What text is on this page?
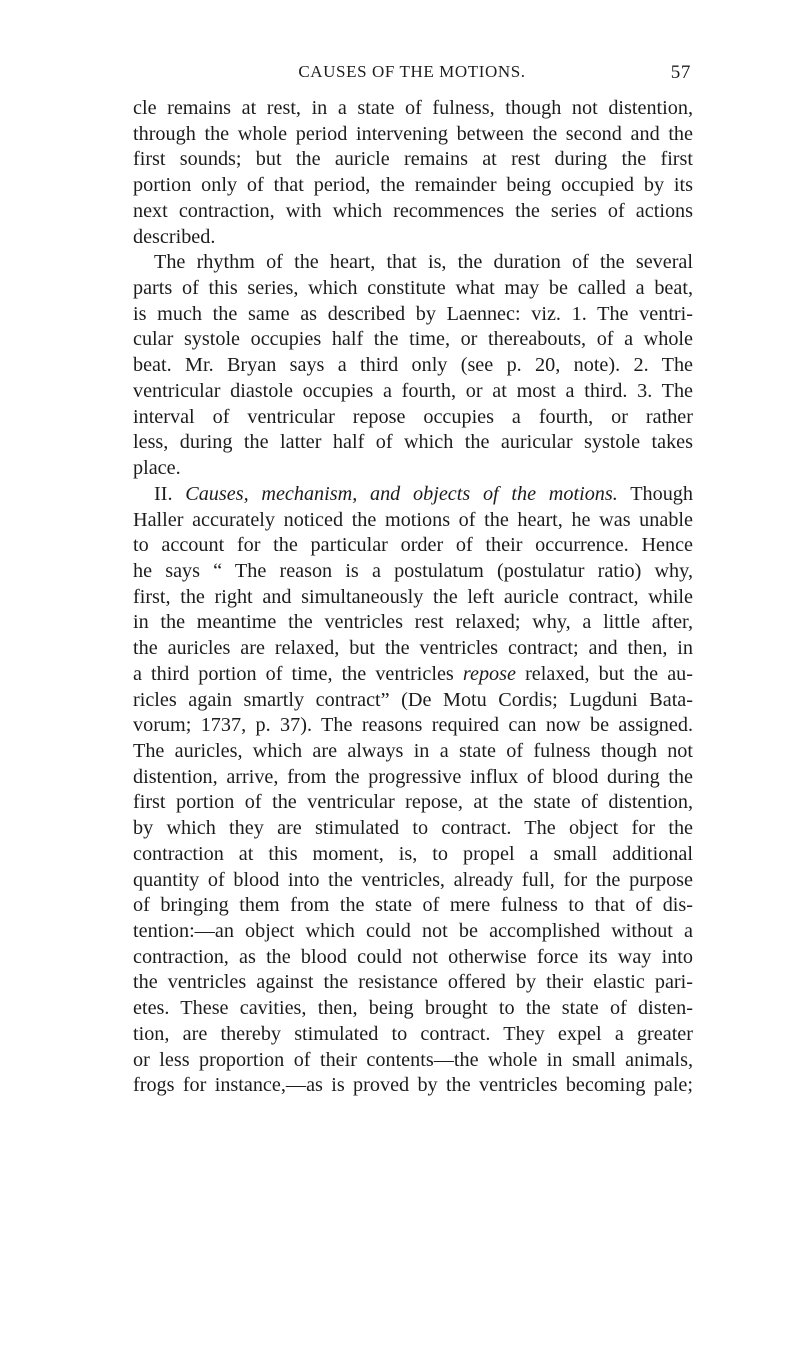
CAUSES OF THE MOTIONS.	57
cle remains at rest, in a state of fulness, though not distention,
through the whole period intervening between the second and the
first sounds; but the auricle remains at rest during the first
portion only of that period, the remainder being occupied by its
next contraction, with which recommences the series of actions
described.
The rhythm of the heart, that is, the duration of the several
parts of this series, which constitute what may be called a beat,
is much the same as described by Laennec: viz. 1. The ventri-
cular systole occupies half the time, or thereabouts, of a whole
beat. Mr. Bryan says a third only (see p. 20, note). 2. The
ventricular diastole occupies a fourth, or at most a third. 3. The
interval of ventricular repose occupies a fourth, or rather
less, during the latter half of which the auricular systole takes
place.
II. Causes, mechanism, and objects of the motions. Though
Haller accurately noticed the motions of the heart, he was unable
to account for the particular order of their occurrence. Hence
he says “ The reason is a postulatum (postulatur ratio) why,
first, the right and simultaneously the left auricle contract, while
in the meantime the ventricles rest relaxed; why, a little after,
the auricles are relaxed, but the ventricles contract; and then, in
a third portion of time, the ventricles repose relaxed, but the au-
ricles again smartly contract” (De Motu Cordis; Lugduni Bata-
vorum; 1737, p. 37). The reasons required can now be assigned.
The auricles, which are always in a state of fulness though not
distention, arrive, from the progressive influx of blood during the
first portion of the ventricular repose, at the state of distention,
by which they are stimulated to contract. The object for the
contraction at this moment, is, to propel a small additional
quantity of blood into the ventricles, already full, for the purpose
of bringing them from the state of mere fulness to that of dis-
tention:—an object which could not be accomplished without a
contraction, as the blood could not otherwise force its way into
the ventricles against the resistance offered by their elastic pari-
etes. These cavities, then, being brought to the state of disten-
tion, are thereby stimulated to contract. They expel a greater
or less proportion of their contents—the whole in small animals,
frogs for instance,—as is proved by the ventricles becoming pale;
